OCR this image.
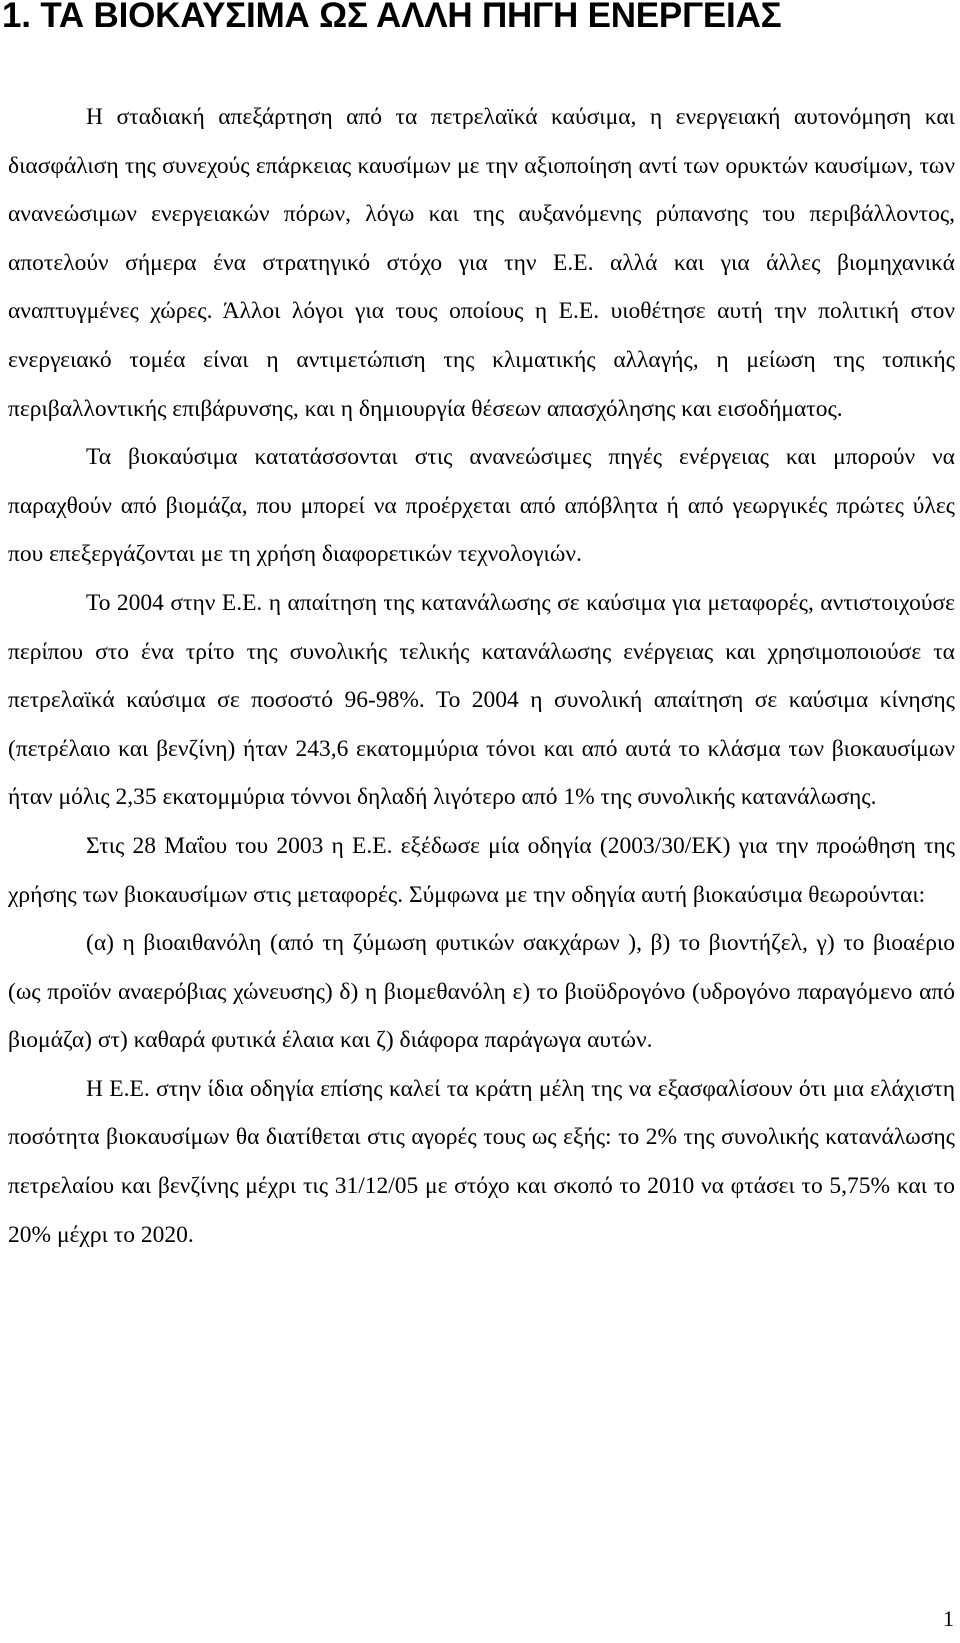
1. ΤΑ ΒΙΟΚΑΥΣΙΜΑ ΩΣ ΑΛΛΗ ΠΗΓΗ ΕΝΕΡΓΕΙΑΣ

Η σταδιακή απεξάρτηση από τα πετρελαϊκά καύσιμα, η ενεργειακή αυτονόμηση και διασφάλιση της συνεχούς επάρκειας καυσίμων με την αξιοποίηση αντί των ορυκτών καυσίμων, των ανανεώσιμων ενεργειακών πόρων, λόγω και της αυξανόμενης ρύπανσης του περιβάλλοντος, αποτελούν σήμερα ένα στρατηγικό στόχο για την Ε.Ε. αλλά και για άλλες βιομηχανικά αναπτυγμένες χώρες. Άλλοι λόγοι για τους οποίους η Ε.Ε. υιοθέτησε αυτή την πολιτική στον ενεργειακό τομέα είναι η αντιμετώπιση της κλιματικής αλλαγής, η μείωση της τοπικής περιβαλλοντικής επιβάρυνσης, και η δημιουργία θέσεων απασχόλησης και εισοδήματος.

Τα βιοκαύσιμα κατατάσσονται στις ανανεώσιμες πηγές ενέργειας και μπορούν να παραχθούν από βιομάζα, που μπορεί να προέρχεται από απόβλητα ή από γεωργικές πρώτες ύλες που επεξεργάζονται με τη χρήση διαφορετικών τεχνολογιών.

Το 2004 στην Ε.Ε. η απαίτηση της κατανάλωσης σε καύσιμα για μεταφορές, αντιστοιχούσε περίπου στο ένα τρίτο της συνολικής τελικής κατανάλωσης ενέργειας και χρησιμοποιούσε τα πετρελαϊκά καύσιμα σε ποσοστό 96-98%. Το 2004 η συνολική απαίτηση σε καύσιμα κίνησης (πετρέλαιο και βενζίνη) ήταν 243,6 εκατομμύρια τόνοι και από αυτά το κλάσμα των βιοκαυσίμων ήταν μόλις 2,35 εκατομμύρια τόννοι δηλαδή λιγότερο από 1% της συνολικής κατανάλωσης.

Στις 28 Μαΐου του 2003 η Ε.Ε. εξέδωσε μία οδηγία (2003/30/ΕΚ) για την προώθηση της χρήσης των βιοκαυσίμων στις μεταφορές. Σύμφωνα με την οδηγία αυτή βιοκαύσιμα θεωρούνται:

(α) η βιοαιθανόλη (από τη ζύμωση φυτικών σακχάρων ), β) το βιοντήζελ, γ) το βιοαέριο (ως προϊόν αναερόβιας χώνευσης) δ) η βιομεθανόλη ε) το βιοϋδρογόνο (υδρογόνο παραγόμενο από βιομάζα) στ) καθαρά φυτικά έλαια και ζ) διάφορα παράγωγα αυτών.

Η Ε.Ε. στην ίδια οδηγία επίσης καλεί τα κράτη μέλη της να εξασφαλίσουν ότι μια ελάχιστη ποσότητα βιοκαυσίμων θα διατίθεται στις αγορές τους ως εξής: το 2% της συνολικής κατανάλωσης πετρελαίου και βενζίνης μέχρι τις 31/12/05 με στόχο και σκοπό το 2010 να φτάσει το 5,75% και το 20% μέχρι το 2020.

1
